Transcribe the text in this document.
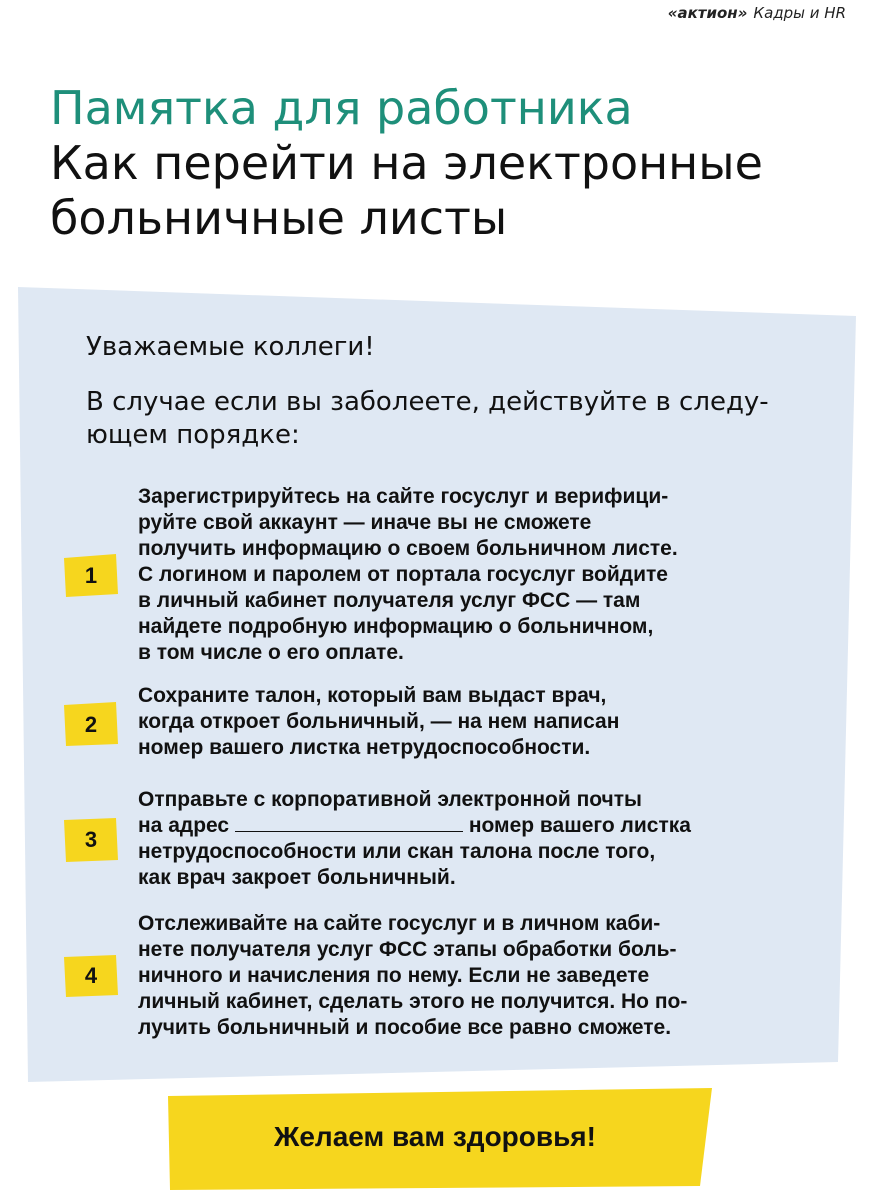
«актион» Кадры и HR
Памятка для работника
Как перейти на электронные
больничные листы
Уважаемые коллеги!
В случае если вы заболеете, действуйте в следу-
ющем порядке:
1
Зарегистрируйтесь на сайте госуслуг и верифици-
руйте свой аккаунт — иначе вы не сможете
получить информацию о своем больничном листе.
С логином и паролем от портала госуслуг войдите
в личный кабинет получателя услуг ФСС — там
найдете подробную информацию о больничном,
в том числе о его оплате.
2
Сохраните талон, который вам выдаст врач,
когда откроет больничный, — на нем написан
номер вашего листка нетрудоспособности.
3
Отправьте с корпоративной электронной почты
на адрес	номер вашего листка
нетрудоспособности или скан талона после того,
как врач закроет больничный.
4
Отслеживайте на сайте госуслуг и в личном каби-
нете получателя услуг ФСС этапы обработки боль-
ничного и начисления по нему. Если не заведете
личный кабинет, сделать этого не получится. Но по-
лучить больничный и пособие все равно сможете.
Желаем вам здоровья!
